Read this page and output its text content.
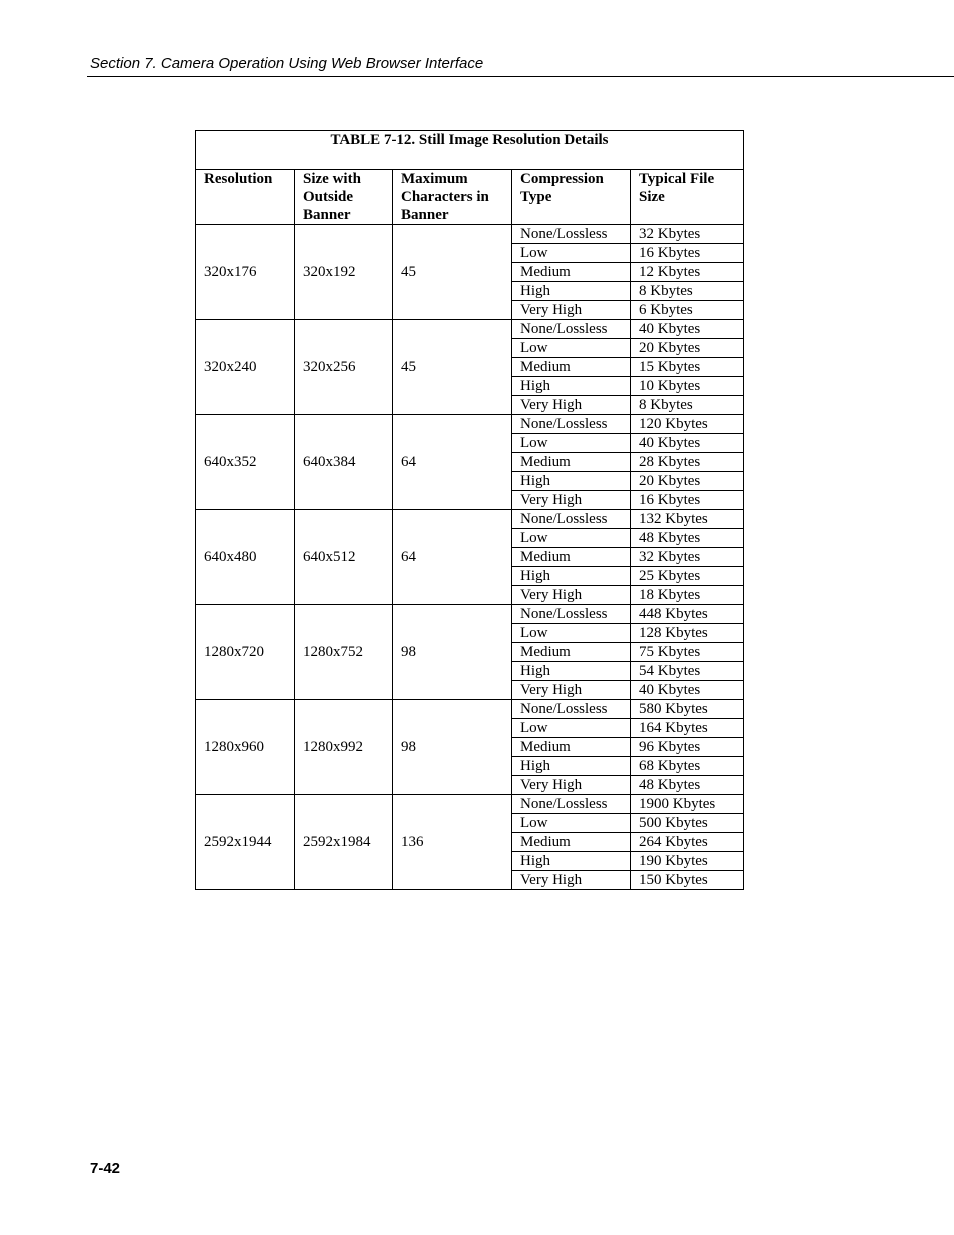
Section 7. Camera Operation Using Web Browser Interface
TABLE 7-12. Still Image Resolution Details				

Resolution	Size with
Outside
Banner	Maximum
Characters in
Banner	Compression
Type	Typical File
Size

320x176	320x192	45	None/Lossless	32 Kbytes
			Low	16 Kbytes
			Medium	12 Kbytes
			High	8 Kbytes
			Very High	6 Kbytes
320x240	320x256	45	None/Lossless	40 Kbytes
			Low	20 Kbytes
			Medium	15 Kbytes
			High	10 Kbytes
			Very High	8 Kbytes
640x352	640x384	64	None/Lossless	120 Kbytes
			Low	40 Kbytes
			Medium	28 Kbytes
			High	20 Kbytes
			Very High	16 Kbytes
640x480	640x512	64	None/Lossless	132 Kbytes
			Low	48 Kbytes
			Medium	32 Kbytes
			High	25 Kbytes
			Very High	18 Kbytes
1280x720	1280x752	98	None/Lossless	448 Kbytes
			Low	128 Kbytes
			Medium	75 Kbytes
			High	54 Kbytes
			Very High	40 Kbytes
1280x960	1280x992	98	None/Lossless	580 Kbytes
			Low	164 Kbytes
			Medium	96 Kbytes
			High	68 Kbytes
			Very High	48 Kbytes
2592x1944	2592x1984	136	None/Lossless	1900 Kbytes
			Low	500 Kbytes
			Medium	264 Kbytes
			High	190 Kbytes
			Very High	150 Kbytes
7-42
